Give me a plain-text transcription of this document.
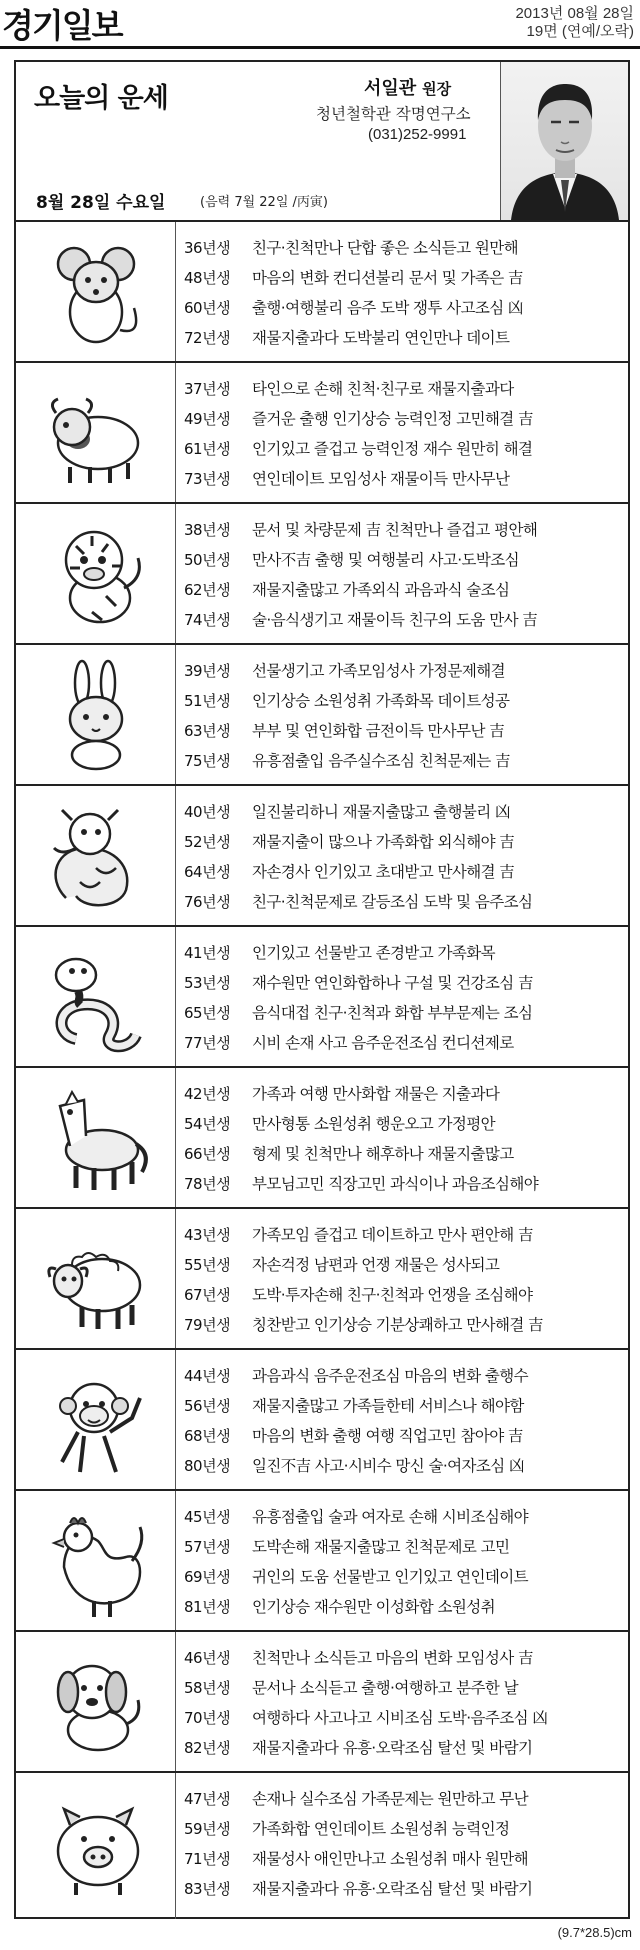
경기일보	2013년 08월 28일
19면 (연예/오락)
오늘의 운세	서일관 원장
청년철학관 작명연구소
(031)252-9991
8월 28일 수요일	(음력 7월 22일 /丙寅)
36년생	친구·친척만나 단합 좋은 소식듣고 원만해
48년생	마음의 변화 컨디션불리 문서 및 가족은 吉
60년생	출행·여행불리 음주 도박 쟁투 사고조심 凶
72년생	재물지출과다 도박불리 연인만나 데이트
37년생	타인으로 손해 친척·친구로 재물지출과다
49년생	즐거운 출행 인기상승 능력인정 고민해결 吉
61년생	인기있고 즐겁고 능력인정 재수 원만히 해결
73년생	연인데이트 모임성사 재물이득 만사무난
38년생	문서 및 차량문제 吉 친척만나 즐겁고 평안해
50년생	만사不吉 출행 및 여행불리 사고·도박조심
62년생	재물지출많고 가족외식 과음과식 술조심
74년생	술·음식생기고 재물이득 친구의 도움 만사 吉
39년생	선물생기고 가족모임성사 가정문제해결
51년생	인기상승 소원성취 가족화목 데이트성공
63년생	부부 및 연인화합 금전이득 만사무난 吉
75년생	유흥점출입 음주실수조심 친척문제는 吉
40년생	일진불리하니 재물지출많고 출행불리 凶
52년생	재물지출이 많으나 가족화합 외식해야 吉
64년생	자손경사 인기있고 초대받고 만사해결 吉
76년생	친구·친척문제로 갈등조심 도박 및 음주조심
41년생	인기있고 선물받고 존경받고 가족화목
53년생	재수원만 연인화합하나 구설 및 건강조심 吉
65년생	음식대접 친구·친척과 화합 부부문제는 조심
77년생	시비 손재 사고 음주운전조심 컨디션제로
42년생	가족과 여행 만사화합 재물은 지출과다
54년생	만사형통 소원성취 행운오고 가정평안
66년생	형제 및 친척만나 해후하나 재물지출많고
78년생	부모님고민 직장고민 과식이나 과음조심해야
43년생	가족모임 즐겁고 데이트하고 만사 편안해 吉
55년생	자손걱정 남편과 언쟁 재물은 성사되고
67년생	도박·투자손해 친구·친척과 언쟁을 조심해야
79년생	칭찬받고 인기상승 기분상쾌하고 만사해결 吉
44년생	과음과식 음주운전조심 마음의 변화 출행수
56년생	재물지출많고 가족들한테 서비스나 해야함
68년생	마음의 변화 출행 여행 직업고민 참아야 吉
80년생	일진不吉 사고·시비수 망신 술·여자조심 凶
45년생	유흥점출입 술과 여자로 손해 시비조심해야
57년생	도박손해 재물지출많고 친척문제로 고민
69년생	귀인의 도움 선물받고 인기있고 연인데이트
81년생	인기상승 재수원만 이성화합 소원성취
46년생	친척만나 소식듣고 마음의 변화 모임성사 吉
58년생	문서나 소식듣고 출행·여행하고 분주한 날
70년생	여행하다 사고나고 시비조심 도박·음주조심 凶
82년생	재물지출과다 유흥·오락조심 탈선 및 바람기
47년생	손재나 실수조심 가족문제는 원만하고 무난
59년생	가족화합 연인데이트 소원성취 능력인정
71년생	재물성사 애인만나고 소원성취 매사 원만해
83년생	재물지출과다 유흥·오락조심 탈선 및 바람기
(9.7*28.5)cm
